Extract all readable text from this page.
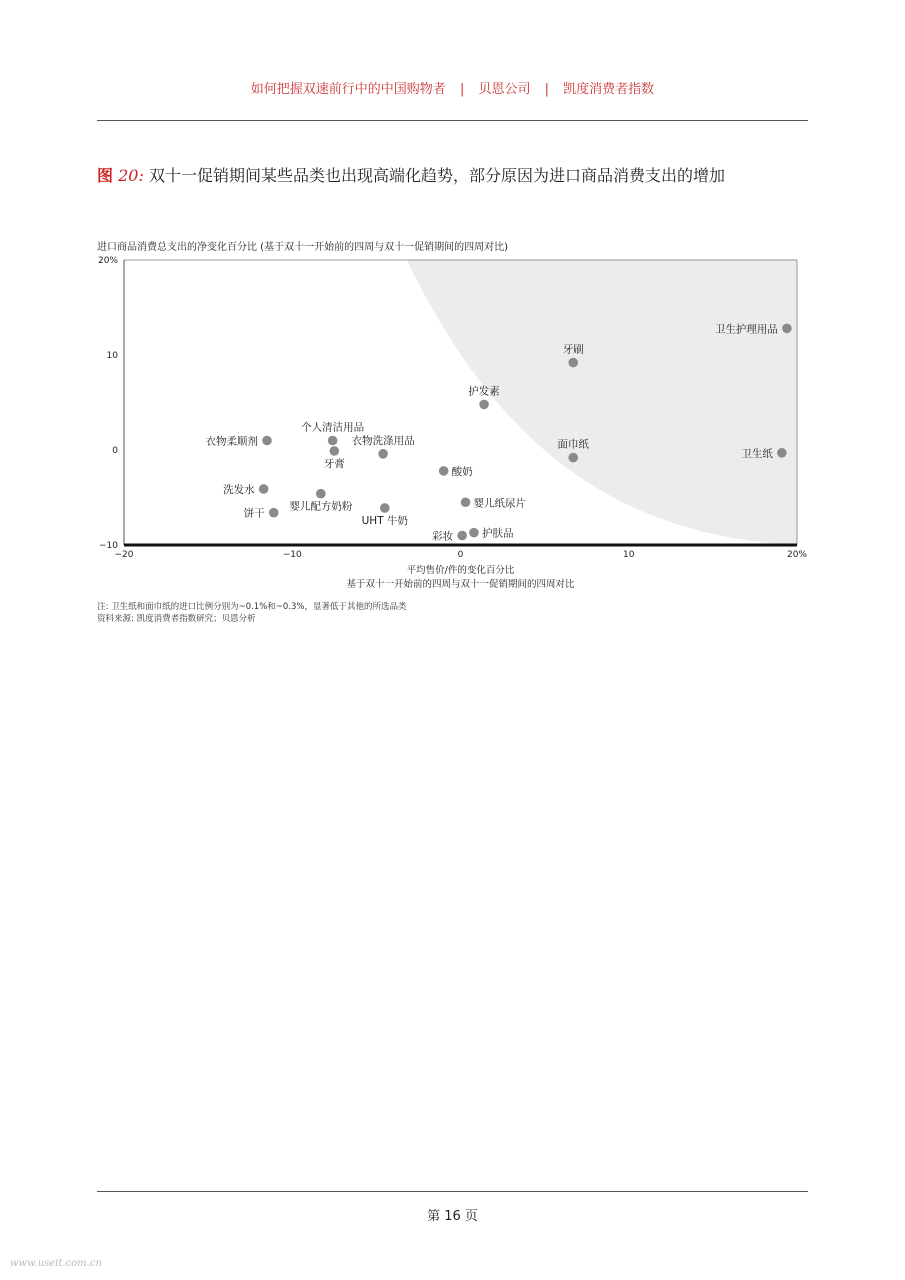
如何把握双速前行中的中国购物者 | 贝恩公司 | 凯度消费者指数
图 20: 双十一促销期间某些品类也出现高端化趋势，部分原因为进口商品消费支出的增加
进口商品消费总支出的净变化百分比 (基于双十一开始前的四周与双十一促销期间的四周对比)
−20	−10	0	10	20%
20%
10
0
−10
平均售价/件的变化百分比
基于双十一开始前的四周与双十一促销期间的四周对比
卫生护理用品
牙刷
护发素
面巾纸
卫生纸
衣物柔顺剂
个人清洁用品
牙膏
衣物洗涤用品
酸奶
洗发水
婴儿配方奶粉
饼干
UHT 牛奶
婴儿纸尿片
彩妆	护肤品
注: 卫生纸和面巾纸的进口比例分别为~0.1%和~0.3%，显著低于其他的所选品类
资料来源: 凯度消费者指数研究；贝恩分析
第 16 页
www.useit.com.cn
